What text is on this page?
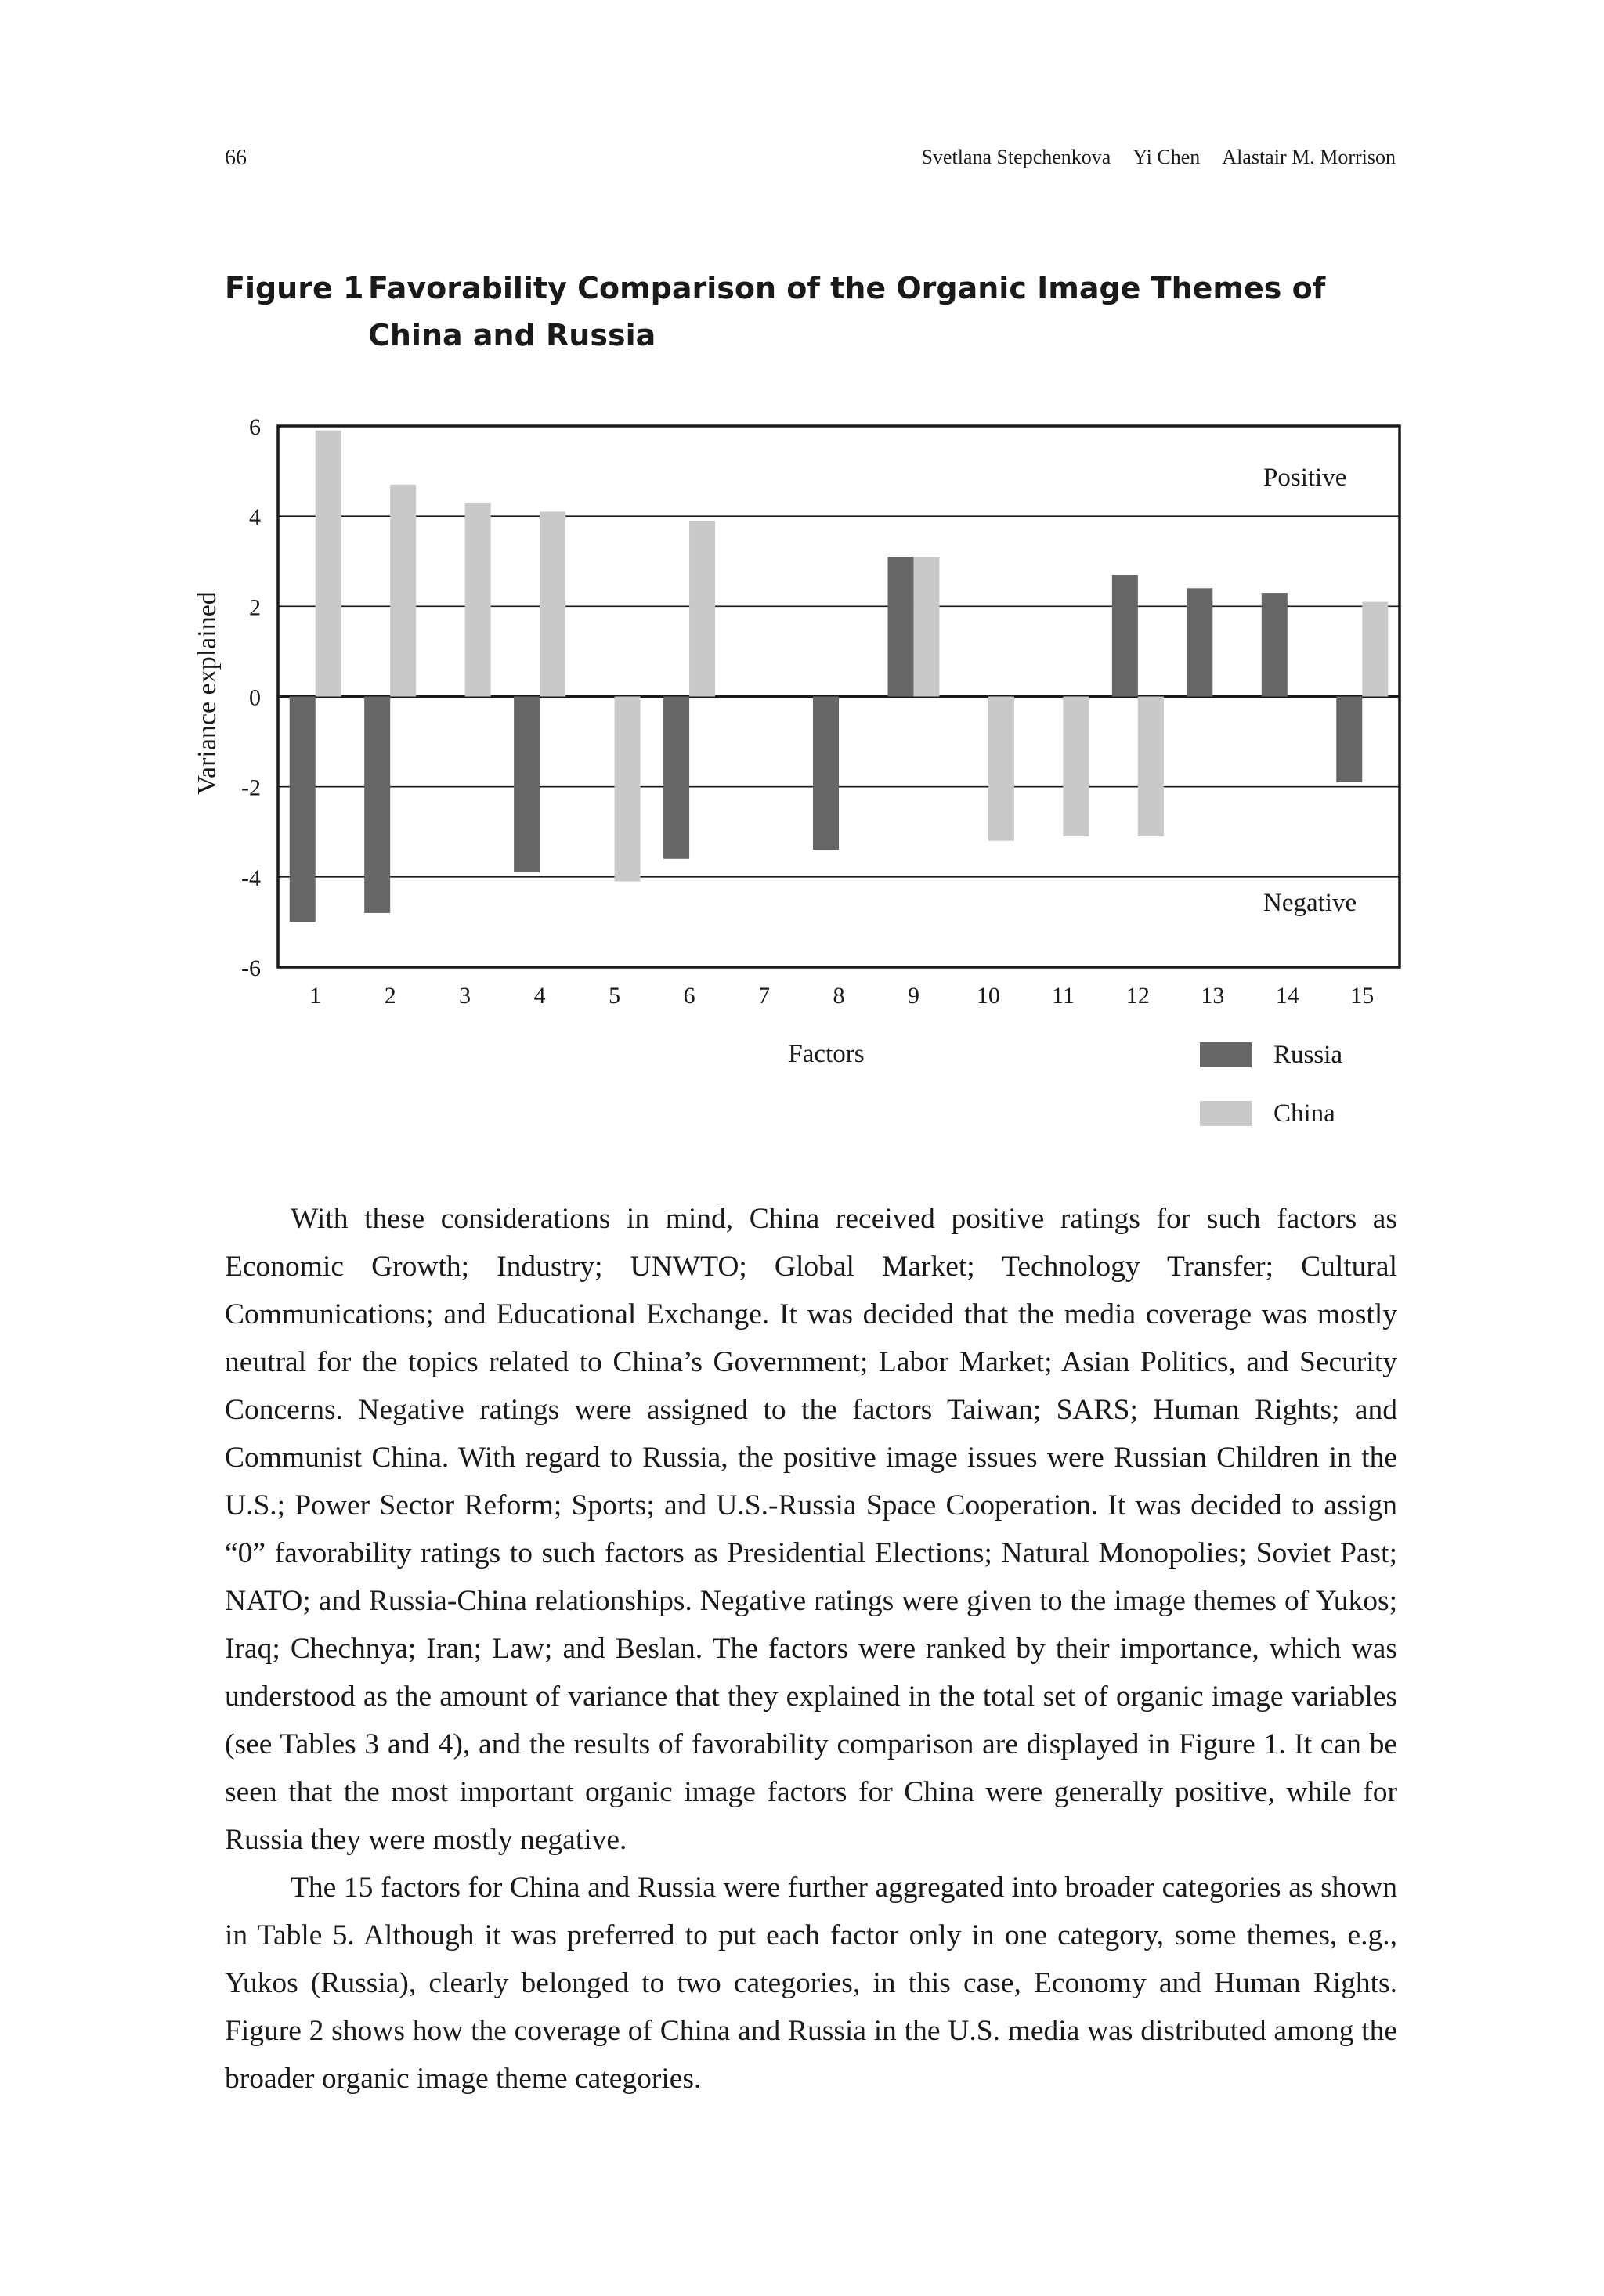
66	Svetlana Stepchenkova Yi Chen Alastair M. Morrison
Figure 1 Favorability Comparison of the Organic Image Themes of China and Russia
6
4
2
0
-2
-4
-6
1	2	3	4	5	6	7	8	9 10 11 12 13 14 15
Variance explained
Factors
Positive
Negative
Russia
China

With these considerations in mind, China received positive ratings for such factors as Economic Growth; Industry; UNWTO; Global Market; Technology Transfer; Cultural Communications; and Educational Exchange. It was decided that the media coverage was mostly neutral for the topics related to China’s Government; Labor Market; Asian Politics, and Security Concerns. Negative ratings were assigned to the factors Taiwan; SARS; Human Rights; and Communist China. With regard to Russia, the positive image issues were Russian Children in the U.S.; Power Sector Reform; Sports; and U.S.-Russia Space Cooperation. It was decided to assign “0” favorability ratings to such factors as Presidential Elections; Natural Monopolies; Soviet Past; NATO; and Russia-China relationships. Negative ratings were given to the image themes of Yukos; Iraq; Chechnya; Iran; Law; and Beslan. The factors were ranked by their importance, which was understood as the amount of variance that they explained in the total set of organic image variables (see Tables 3 and 4), and the results of favorability comparison are displayed in Figure 1. It can be seen that the most important organic image factors for China were generally positive, while for Russia they were mostly negative.

The 15 factors for China and Russia were further aggregated into broader categories as shown in Table 5. Although it was preferred to put each factor only in one category, some themes, e.g., Yukos (Russia), clearly belonged to two categories, in this case, Economy and Human Rights. Figure 2 shows how the coverage of China and Russia in the U.S. media was distributed among the broader organic image theme categories.
